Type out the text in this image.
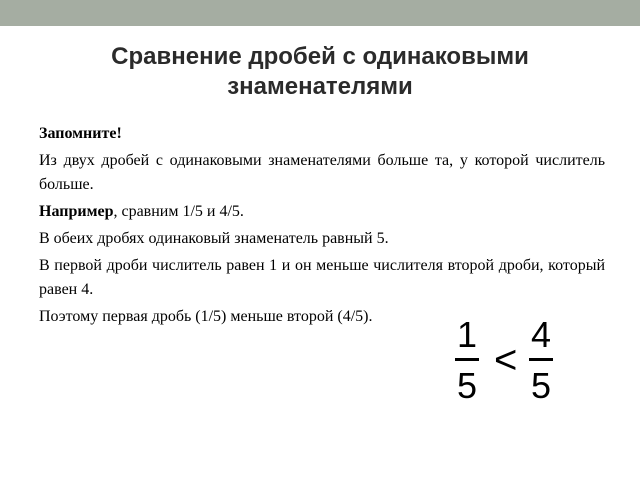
Сравнение дробей с одинаковыми знаменателями

Запомните!

Из двух дробей с одинаковыми знаменателями больше та, у которой числитель больше.

Например, сравним 1/5 и 4/5.

В обеих дробях одинаковый знаменатель равный 5.

В первой дроби числитель равен 1 и он меньше числителя второй дроби, который равен 4.

Поэтому первая дробь (1/5) меньше второй (4/5).	1
5
<
4
5
